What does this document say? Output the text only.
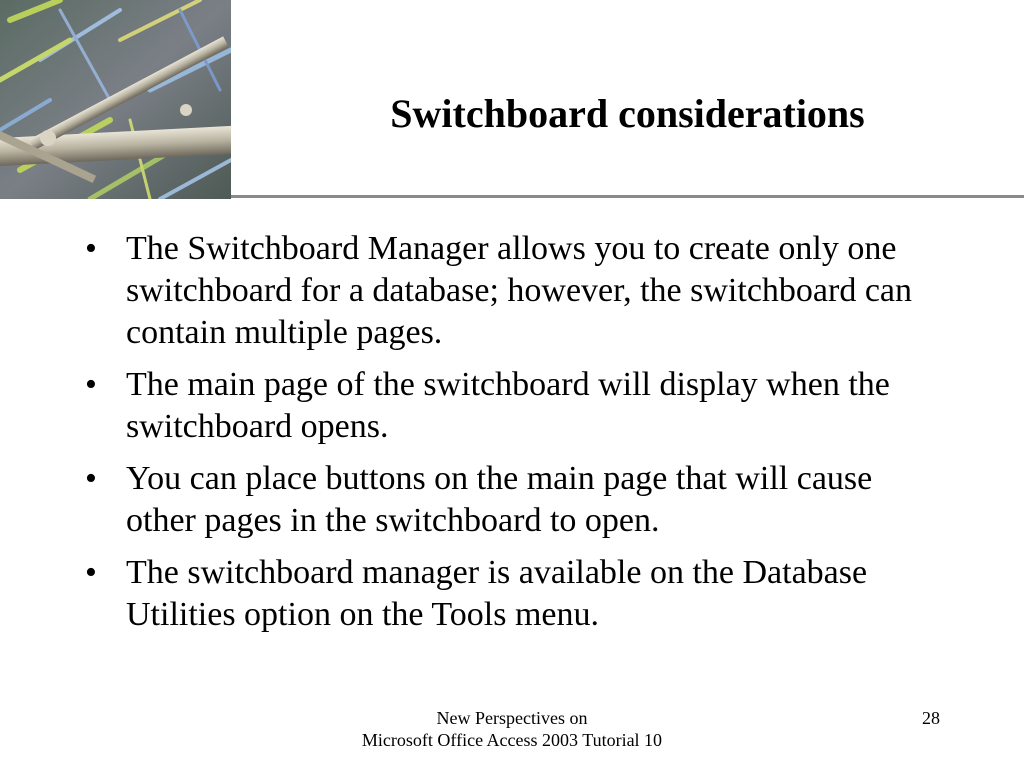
Switchboard considerations
• The Switchboard Manager allows you to create only one switchboard for a database; however, the switchboard can contain multiple pages.
• The main page of the switchboard will display when the switchboard opens.
• You can place buttons on the main page that will cause other pages in the switchboard to open.
• The switchboard manager is available on the Database Utilities option on the Tools menu.
New Perspectives on
Microsoft Office Access 2003 Tutorial 10
28
